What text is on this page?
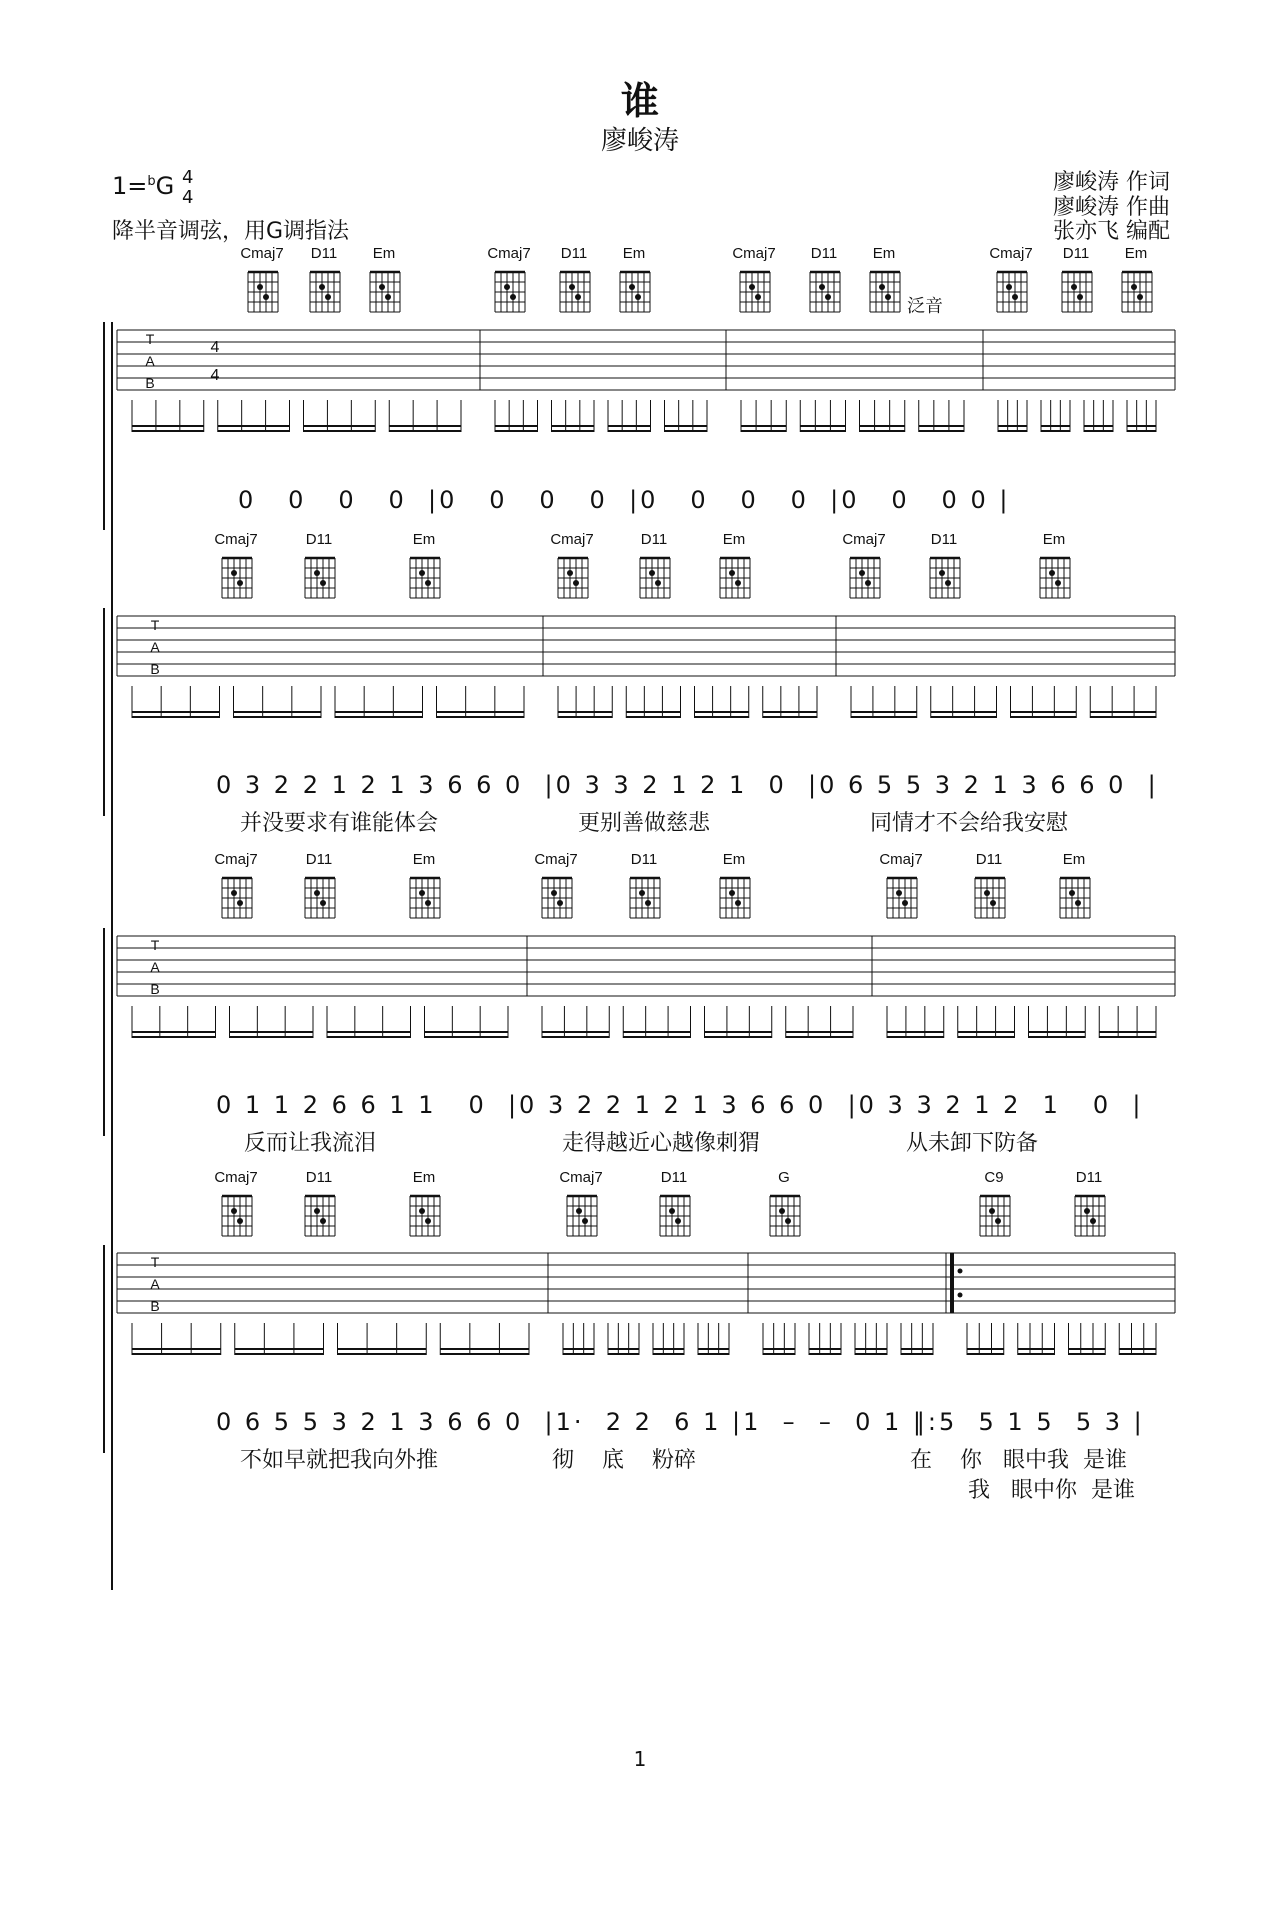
谁
廖峻涛
1=$^b$G 4
4
降半音调弦，用G调指法
廖峻涛 作词
廖峻涛 作曲
张亦飞 编配
T
A
B
4
4
Cmaj7 D11 Em	Cmaj7 D11 Em	Cmaj7 D11 Em	Cmaj7 D11 Em
T
A
B
Cmaj7	D11	Em	Cmaj7	D11	Em	Cmaj7	D11	Em
T
A
B
Cmaj7	D11	Em	Cmaj7	D11	Em	Cmaj7	D11	Em
T
A
B
Cmaj7	D11	Em	Cmaj7	D11	G	C9	D11
泛音
0   0   0   0  |0   0   0   0  |0   0   0   0  |0   0   0 0 |
0 3 2 2 1 2 1 3 6 6 0  |0 3 3 2 1 2 1  0  |0 6 5 5 3 2 1 3 6 6 0  |
并没要求有谁能体会	更别善做慈悲	同情才不会给我安慰
0 1 1 2 6 6 1 1   0  |0 3 2 2 1 2 1 3 6 6 0  |0 3 3 2 1 2  1   0  |
反而让我流泪	走得越近心越像刺猬	从未卸下防备
0 6 5 5 3 2 1 3 6 6 0  |1·  2 2  6 1 |1  –  –  0 1 ‖:5  5 1 5  5 3 |
不如早就把我向外推	彻    底    粉碎	在    你   眼中我  是谁
我   眼中你  是谁
1
